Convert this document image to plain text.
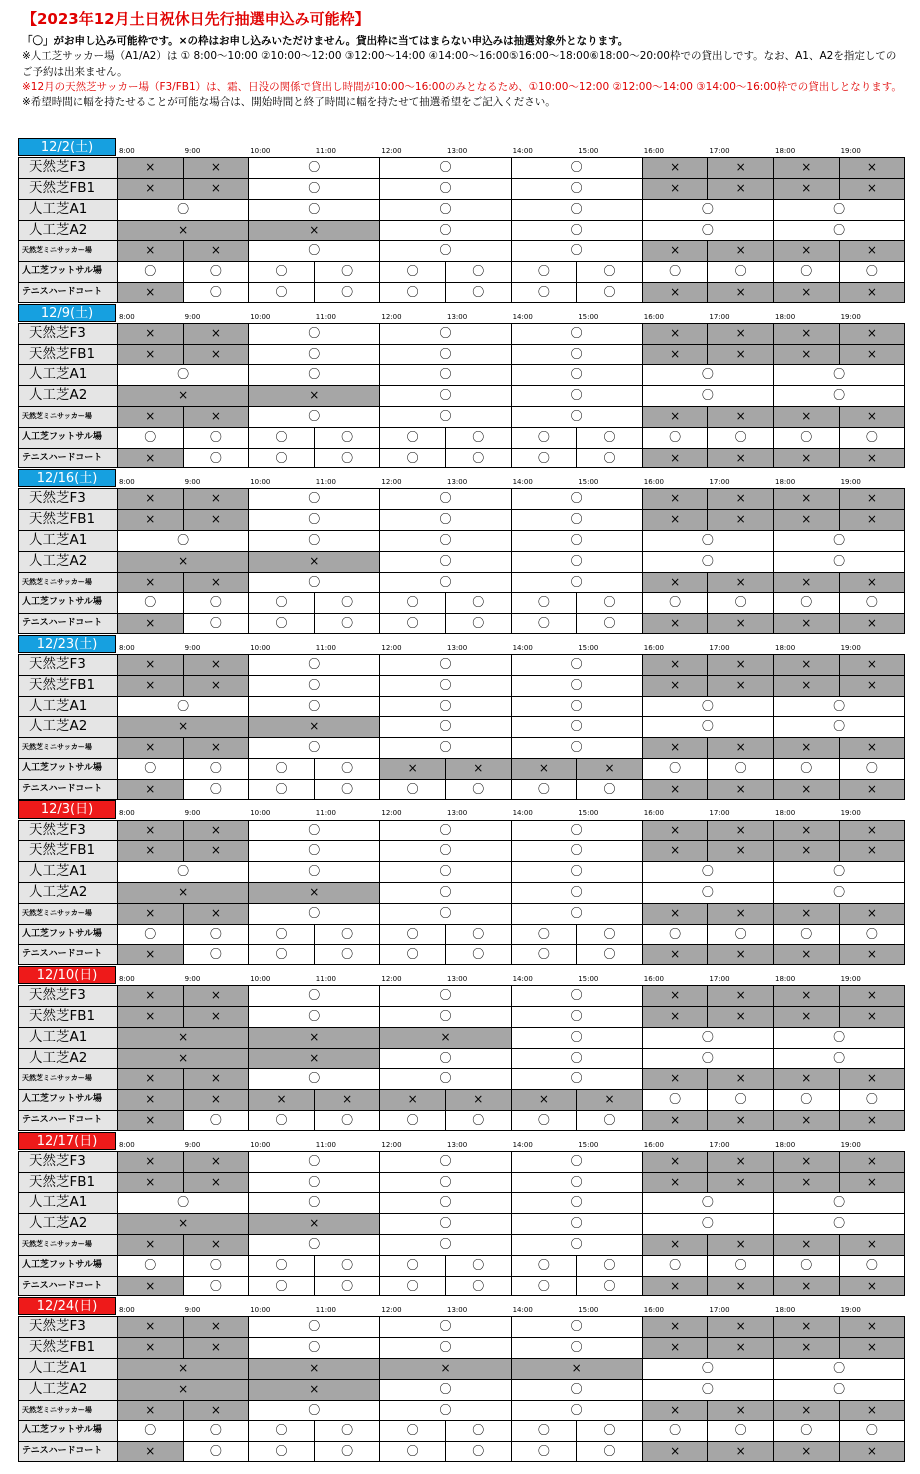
【2023年12月土日祝休日先行抽選申込み可能枠】
「〇」がお申し込み可能枠です。×の枠はお申し込みいただけません。貸出枠に当てはまらない申込みは抽選対象外となります。
※人工芝サッカー場（A1/A2）は ① 8:00～10:00 ②10:00～12:00 ③12:00～14:00 ④14:00～16:00⑤16:00～18:00⑥18:00～20:00枠での貸出しです。なお、A1、A2を指定してのご予約は出来ません。
※12月の天然芝サッカー場（F3/FB1）は、霜、日没の関係で貸出し時間が10:00～16:00のみとなるため、①10:00～12:00 ②12:00～14:00 ③14:00～16:00枠での貸出しとなります。
※希望時間に幅を持たせることが可能な場合は、開始時間と終了時間に幅を持たせて抽選希望をご記入ください。
12/2(土)	8:00	9:00	10:00	11:00	12:00	13:00	14:00	15:00	16:00	17:00	18:00	19:00
天然芝F3	×	×	〇	〇	〇	×	×	×	×
天然芝FB1	×	×	〇	〇	〇	×	×	×	×
人工芝A1	〇	〇	〇	〇	〇	〇
人工芝A2	×	×	〇	〇	〇	〇
天然芝ミニサッカー場	×	×	〇	〇	〇	×	×	×	×
人工芝フットサル場	〇	〇	〇	〇	〇	〇	〇	〇	〇	〇	〇	〇
テニスハードコート	×	〇	〇	〇	〇	〇	〇	〇	×	×	×	×
12/9(土)	8:00	9:00	10:00	11:00	12:00	13:00	14:00	15:00	16:00	17:00	18:00	19:00
天然芝F3	×	×	〇	〇	〇	×	×	×	×
天然芝FB1	×	×	〇	〇	〇	×	×	×	×
人工芝A1	〇	〇	〇	〇	〇	〇
人工芝A2	×	×	〇	〇	〇	〇
天然芝ミニサッカー場	×	×	〇	〇	〇	×	×	×	×
人工芝フットサル場	〇	〇	〇	〇	〇	〇	〇	〇	〇	〇	〇	〇
テニスハードコート	×	〇	〇	〇	〇	〇	〇	〇	×	×	×	×
12/16(土)	8:00	9:00	10:00	11:00	12:00	13:00	14:00	15:00	16:00	17:00	18:00	19:00
天然芝F3	×	×	〇	〇	〇	×	×	×	×
天然芝FB1	×	×	〇	〇	〇	×	×	×	×
人工芝A1	〇	〇	〇	〇	〇	〇
人工芝A2	×	×	〇	〇	〇	〇
天然芝ミニサッカー場	×	×	〇	〇	〇	×	×	×	×
人工芝フットサル場	〇	〇	〇	〇	〇	〇	〇	〇	〇	〇	〇	〇
テニスハードコート	×	〇	〇	〇	〇	〇	〇	〇	×	×	×	×
12/23(土)	8:00	9:00	10:00	11:00	12:00	13:00	14:00	15:00	16:00	17:00	18:00	19:00
天然芝F3	×	×	〇	〇	〇	×	×	×	×
天然芝FB1	×	×	〇	〇	〇	×	×	×	×
人工芝A1	〇	〇	〇	〇	〇	〇
人工芝A2	×	×	〇	〇	〇	〇
天然芝ミニサッカー場	×	×	〇	〇	〇	×	×	×	×
人工芝フットサル場	〇	〇	〇	〇	×	×	×	×	〇	〇	〇	〇
テニスハードコート	×	〇	〇	〇	〇	〇	〇	〇	×	×	×	×
12/3(日)	8:00	9:00	10:00	11:00	12:00	13:00	14:00	15:00	16:00	17:00	18:00	19:00
天然芝F3	×	×	〇	〇	〇	×	×	×	×
天然芝FB1	×	×	〇	〇	〇	×	×	×	×
人工芝A1	〇	〇	〇	〇	〇	〇
人工芝A2	×	×	〇	〇	〇	〇
天然芝ミニサッカー場	×	×	〇	〇	〇	×	×	×	×
人工芝フットサル場	〇	〇	〇	〇	〇	〇	〇	〇	〇	〇	〇	〇
テニスハードコート	×	〇	〇	〇	〇	〇	〇	〇	×	×	×	×
12/10(日)	8:00	9:00	10:00	11:00	12:00	13:00	14:00	15:00	16:00	17:00	18:00	19:00
天然芝F3	×	×	〇	〇	〇	×	×	×	×
天然芝FB1	×	×	〇	〇	〇	×	×	×	×
人工芝A1	×	×	×	〇	〇	〇
人工芝A2	×	×	〇	〇	〇	〇
天然芝ミニサッカー場	×	×	〇	〇	〇	×	×	×	×
人工芝フットサル場	×	×	×	×	×	×	×	×	〇	〇	〇	〇
テニスハードコート	×	〇	〇	〇	〇	〇	〇	〇	×	×	×	×
12/17(日)	8:00	9:00	10:00	11:00	12:00	13:00	14:00	15:00	16:00	17:00	18:00	19:00
天然芝F3	×	×	〇	〇	〇	×	×	×	×
天然芝FB1	×	×	〇	〇	〇	×	×	×	×
人工芝A1	〇	〇	〇	〇	〇	〇
人工芝A2	×	×	〇	〇	〇	〇
天然芝ミニサッカー場	×	×	〇	〇	〇	×	×	×	×
人工芝フットサル場	〇	〇	〇	〇	〇	〇	〇	〇	〇	〇	〇	〇
テニスハードコート	×	〇	〇	〇	〇	〇	〇	〇	×	×	×	×
12/24(日)	8:00	9:00	10:00	11:00	12:00	13:00	14:00	15:00	16:00	17:00	18:00	19:00
天然芝F3	×	×	〇	〇	〇	×	×	×	×
天然芝FB1	×	×	〇	〇	〇	×	×	×	×
人工芝A1	×	×	×	×	〇	〇
人工芝A2	×	×	〇	〇	〇	〇
天然芝ミニサッカー場	×	×	〇	〇	〇	×	×	×	×
人工芝フットサル場	〇	〇	〇	〇	〇	〇	〇	〇	〇	〇	〇	〇
テニスハードコート	×	〇	〇	〇	〇	〇	〇	〇	×	×	×	×
